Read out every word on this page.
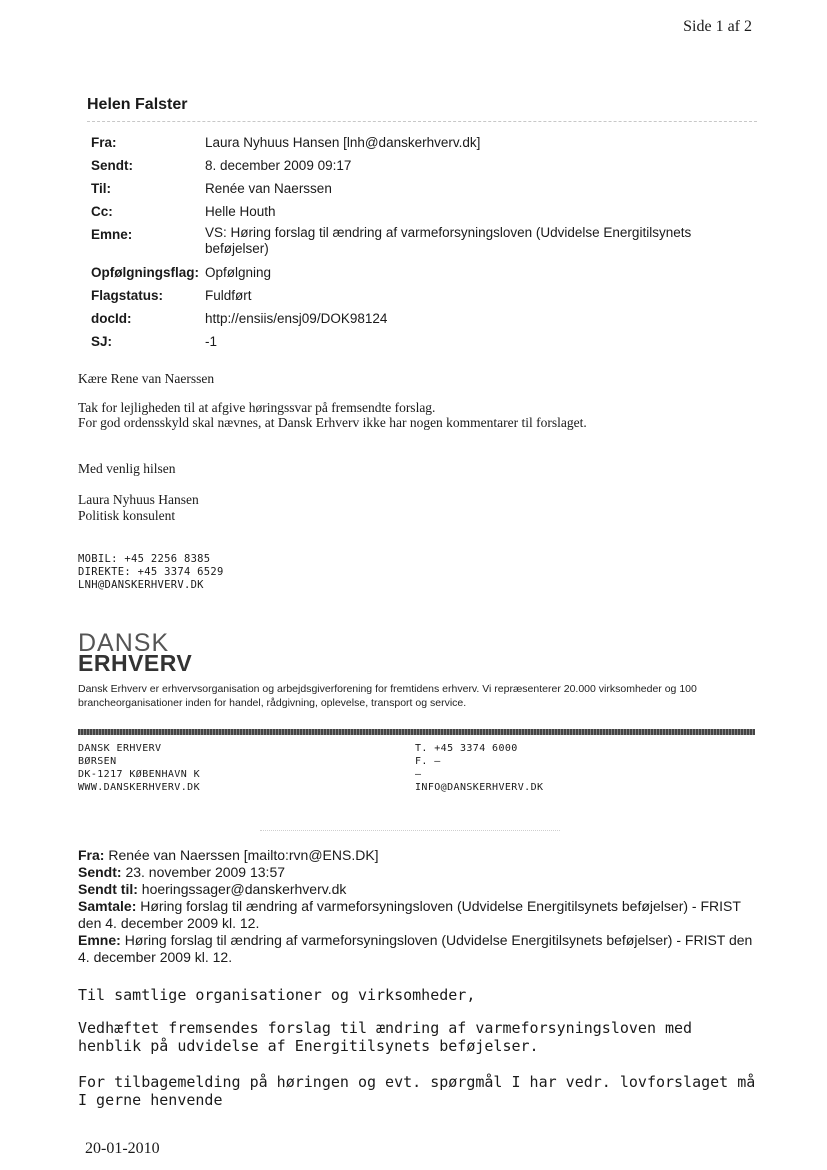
Side 1 af 2
Helen Falster
Fra:	Laura Nyhuus Hansen [lnh@danskerhverv.dk]
Sendt:	8. december 2009 09:17
Til:	Renée van Naerssen
Cc:	Helle Houth
Emne:	VS: Høring forslag til ændring af varmeforsyningsloven (Udvidelse Energitilsynets beføjelser)
Opfølgningsflag: Opfølgning
Flagstatus:	Fuldført
docId:	http://ensiis/ensj09/DOK98124
SJ:	-1
Kære Rene van Naerssen
Tak for lejligheden til at afgive høringssvar på fremsendte forslag.
For god ordensskyld skal nævnes, at Dansk Erhverv ikke har nogen kommentarer til forslaget.
Med venlig hilsen
Laura Nyhuus Hansen
Politisk konsulent
MOBIL: +45 2256 8385
DIREKTE: +45 3374 6529
LNH@DANSKERHVERV.DK
DANSK
ERHVERV
Dansk Erhverv er erhvervsorganisation og arbejdsgiverforening for fremtidens erhverv. Vi repræsenterer 20.000 virksomheder og 100 brancheorganisationer inden for handel, rådgivning, oplevelse, transport og service.
DANSK ERHVERV
BØRSEN
DK-1217 KØBENHAVN K
WWW.DANSKERHVERV.DK
T. +45 3374 6000
F. —
–
INFO@DANSKERHVERV.DK
Fra: Renée van Naerssen [mailto:rvn@ENS.DK]
Sendt: 23. november 2009 13:57
Sendt til: hoeringssager@danskerhverv.dk
Samtale: Høring forslag til ændring af varmeforsyningsloven (Udvidelse Energitilsynets beføjelser) - FRIST den 4. december 2009 kl. 12.
Emne: Høring forslag til ændring af varmeforsyningsloven (Udvidelse Energitilsynets beføjelser) - FRIST den 4. december 2009 kl. 12.
Til samtlige organisationer og virksomheder,
Vedhæftet fremsendes forslag til ændring af varmeforsyningsloven med henblik på udvidelse af Energitilsynets beføjelser.
For tilbagemelding på høringen og evt. spørgmål I har vedr. lovforslaget må I gerne henvende
20-01-2010
